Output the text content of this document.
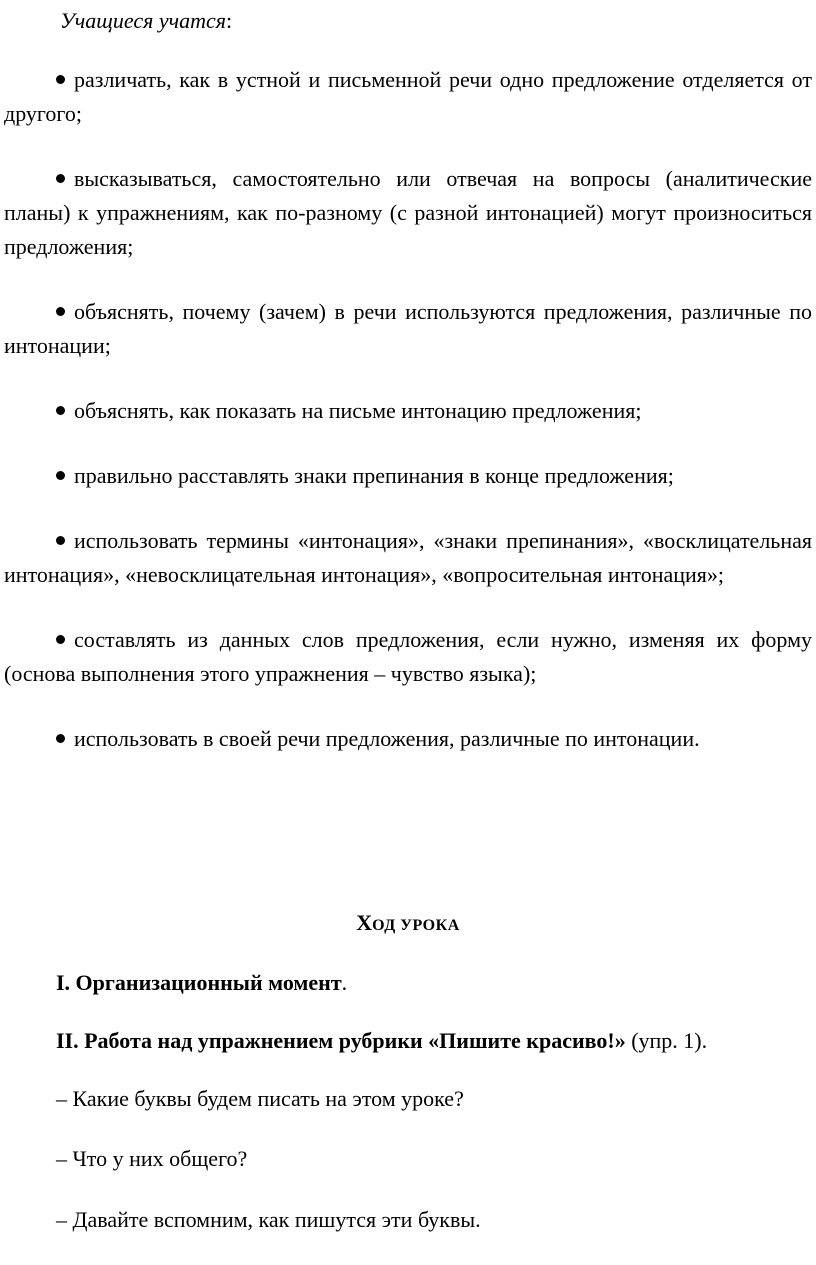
Учащиеся учатся:

различать, как в устной и письменной речи одно предложение отделяется от другого;
высказываться, самостоятельно или отвечая на вопросы (аналитические планы) к упражнениям, как по-разному (с разной интонацией) могут произноситься предложения;
объяснять, почему (зачем) в речи используются предложения, различные по интонации;
объяснять, как показать на письме интонацию предложения;
правильно расставлять знаки препинания в конце предложения;
использовать термины «интонация», «знаки препинания», «восклицательная интонация», «невосклицательная интонация», «вопросительная интонация»;
составлять из данных слов предложения, если нужно, изменяя их форму (основа выполнения этого упражнения – чувство языка);
использовать в своей речи предложения, различные по интонации.

ХОД УРОКА

I. Организационный момент.

II. Работа над упражнением рубрики «Пишите красиво!» (упр. 1).

– Какие буквы будем писать на этом уроке?

– Что у них общего?

– Давайте вспомним, как пишутся эти буквы.
